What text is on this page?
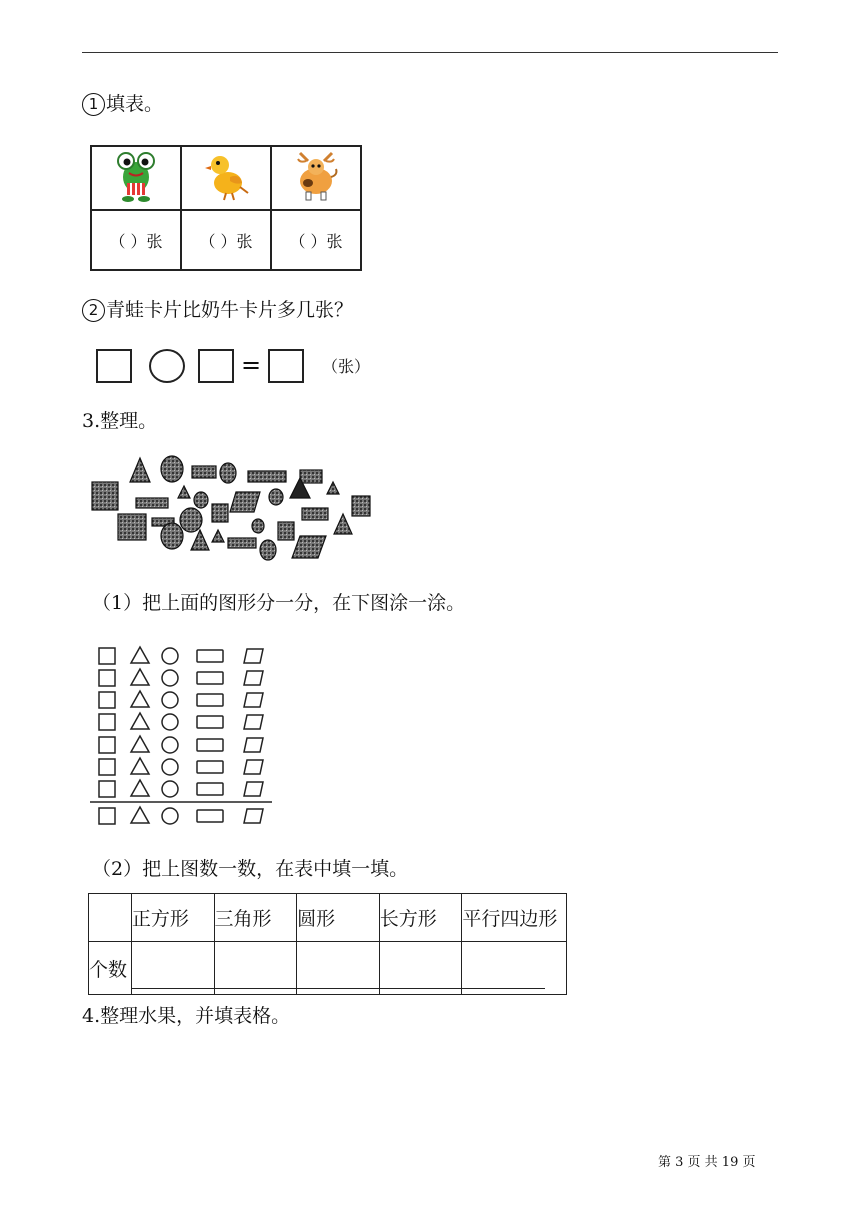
1 填表。

（ ）张	（ ）张	（ ）张
2 青蛙卡片比奶牛卡片多几张？
=	（张）
3.整理。
（1）把上面的图形分一分，在下图涂一涂。
（2）把上图数一数，在表中填一填。
	正方形	三角形	圆形	长方形	平行四边形
个数					
4.整理水果，并填表格。
第 3 页 共 19 页
